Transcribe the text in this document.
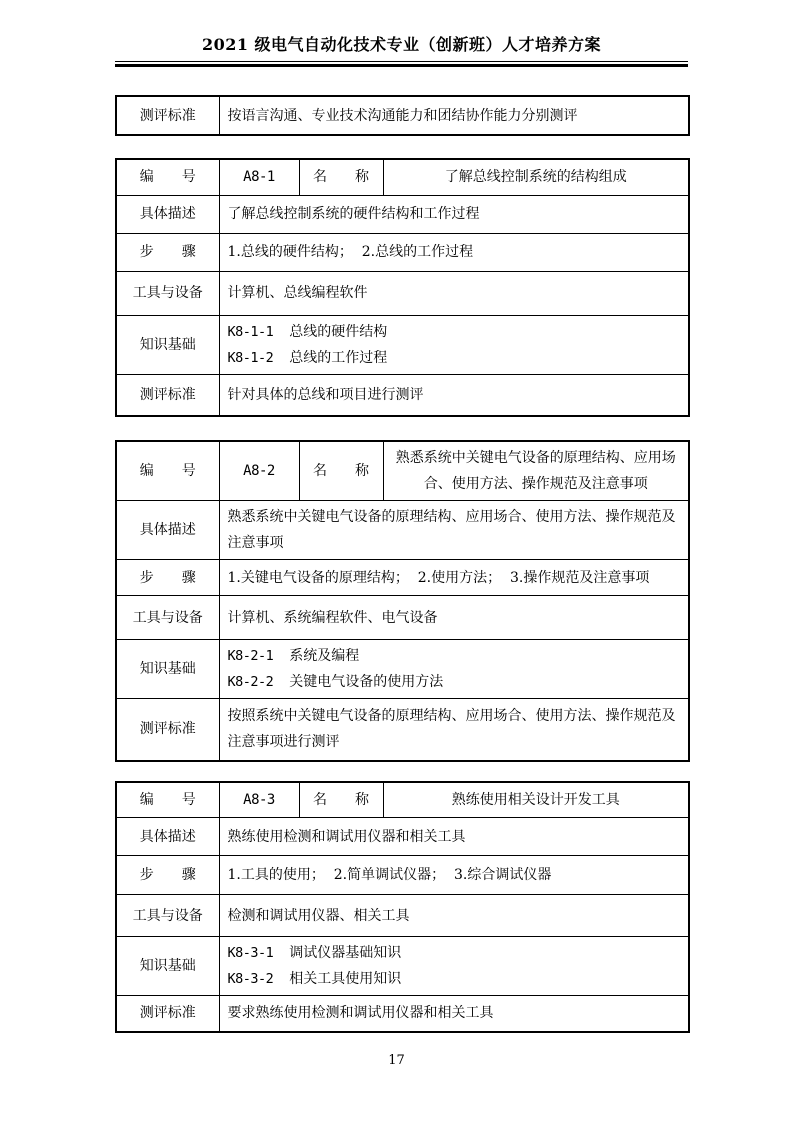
2021 级电气自动化技术专业（创新班）人才培养方案
测评标准	按语言沟通、专业技术沟通能力和团结协作能力分别测评
编　　号	A8-1	名　　称	了解总线控制系统的结构组成
具体描述	了解总线控制系统的硬件结构和工作过程		
步　　骤	1.总线的硬件结构；  2.总线的工作过程		
工具与设备	计算机、总线编程软件		
知识基础	K8-1-1 总线的硬件结构
K8-1-2 总线的工作过程		

测评标准	针对具体的总线和项目进行测评		
编　　号	A8-2	名　　称	熟悉系统中关键电气设备的原理结构、应用场合、使用方法、操作规范及注意事项
具体描述	熟悉系统中关键电气设备的原理结构、应用场合、使用方法、操作规范及注意事项		
步　　骤	1.关键电气设备的原理结构；  2.使用方法；  3.操作规范及注意事项		
工具与设备	计算机、系统编程软件、电气设备		
知识基础	K8-2-1 系统及编程
K8-2-2 关键电气设备的使用方法		

测评标准	按照系统中关键电气设备的原理结构、应用场合、使用方法、操作规范及注意事项进行测评		
编　　号	A8-3	名　　称	熟练使用相关设计开发工具
具体描述	熟练使用检测和调试用仪器和相关工具		
步　　骤	1.工具的使用；  2.简单调试仪器；  3.综合调试仪器		
工具与设备	检测和调试用仪器、相关工具		
知识基础	K8-3-1 调试仪器基础知识
K8-3-2 相关工具使用知识		

测评标准	要求熟练使用检测和调试用仪器和相关工具		
17
